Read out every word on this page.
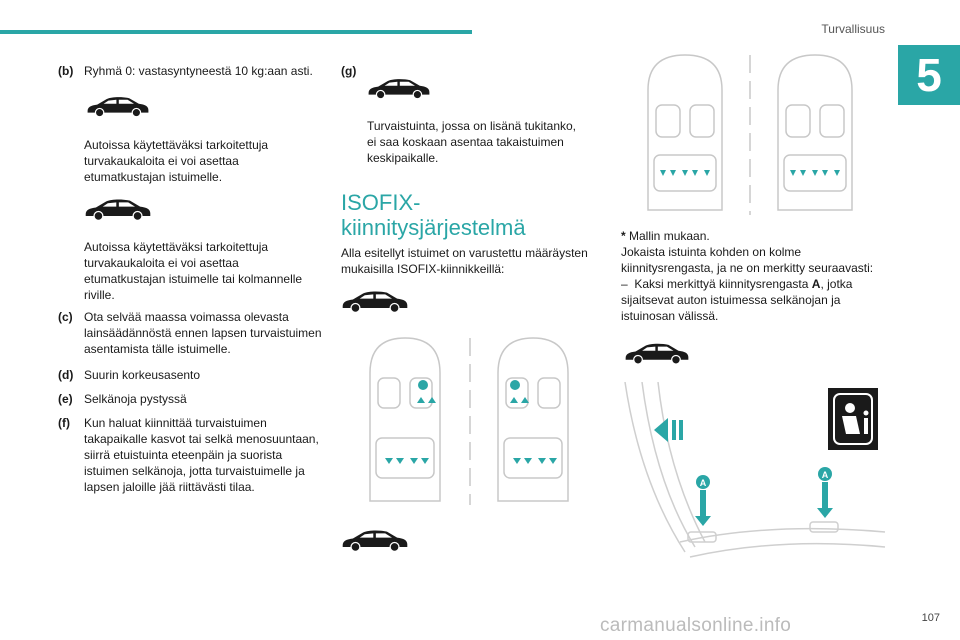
Turvallisuus
5
(b) Ryhmä 0: vastasyntyneestä 10 kg:aan asti.
Autoissa käytettäväksi tarkoitettuja
turvakaukaloita ei voi asettaa
etumatkustajan istuimelle.
Autoissa käytettäväksi tarkoitettuja
turvakaukaloita ei voi asettaa
etumatkustajan istuimelle tai kolmannelle
riville.
(c) Ota selvää maassa voimassa olevasta
lainsäädännöstä ennen lapsen turvaistuimen
asentamista tälle istuimelle.
(d) Suurin korkeusasento
(e) Selkänoja pystyssä
(f)	Kun haluat kiinnittää turvaistuimen
takapaikalle kasvot tai selkä menosuuntaan,
siirrä etuistuinta eteenpäin ja suorista
istuimen selkänoja, jotta turvaistuimelle ja
lapsen jaloille jää riittävästi tilaa.
(g)
Turvaistuinta, jossa on lisänä tukitanko,
ei saa koskaan asentaa takaistuimen
keskipaikalle.
ISOFIX-
kiinnitysjärjestelmä
Alla esitellyt istuimet on varustettu määräysten
mukaisilla ISOFIX-kiinnikkeillä:
* Mallin mukaan.
Jokaista istuinta kohden on kolme
kiinnitysrengasta, ja ne on merkitty seuraavasti:
– Kaksi merkittyä kiinnitysrengasta A, jotka
sijaitsevat auton istuimessa selkänojan ja
istuinosan välissä.
A
A
carmanualsonline.info	107
